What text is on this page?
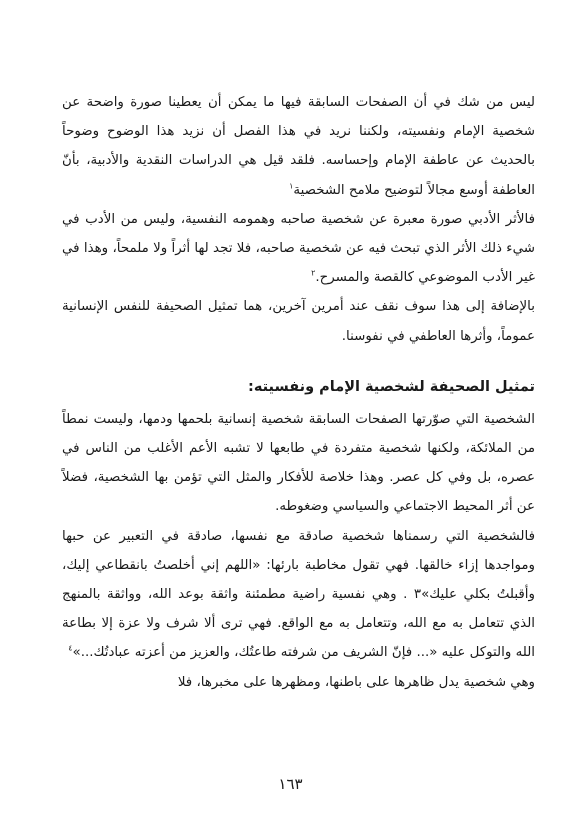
ليس من شك في أن الصفحات السابقة فيها ما يمكن أن يعطينا صورة واضحة عن شخصية الإمام ونفسيته، ولكننا نريد في هذا الفصل أن نزيد هذا الوضوح وضوحاً بالحديث عن عاطفة الإمام وإحساسه. فلقد قيل هي الدراسات النقدية والأدبية، بأنّ العاطفة أوسع مجالاً لتوضيح ملامح الشخصية$^١$

فالأثر الأدبي صورة معبرة عن شخصية صاحبه وهمومه النفسية، وليس من الأدب في شيء ذلك الأثر الذي تبحث فيه عن شخصية صاحبه، فلا تجد لها أثراً ولا ملمحاً، وهذا في غير الأدب الموضوعي كالقصة والمسرح.$^٢$

بالإضافة إلى هذا سوف نقف عند أمرين آخرين، هما تمثيل الصحيفة للنفس الإنسانية عموماً، وأثرها العاطفي في نفوسنا.

تمثيل الصحيفة لشخصية الإمام ونفسيته:

الشخصية التي صوّرتها الصفحات السابقة شخصية إنسانية بلحمها ودمها، وليست نمطاً من الملائكة، ولكنها شخصية متفردة في طابعها لا تشبه الأعم الأغلب من الناس في عصره، بل وفي كل عصر. وهذا خلاصة للأفكار والمثل التي تؤمن بها الشخصية، فضلاً عن أثر المحيط الاجتماعي والسياسي وضغوطه.

فالشخصية التي رسمناها شخصية صادقة مع نفسها، صادقة في التعبير عن حبها ومواجدها إزاء خالقها. فهي تقول مخاطبة بارئها: «اللهم إني أخلصتُ بانقطاعي إليك، وأقبلتُ بكلي عليك»٣ . وهي نفسية راضية مطمئنة واثقة بوعد الله، وواثقة بالمنهج الذي تتعامل به مع الله، وتتعامل به مع الواقع. فهي ترى ألا شرف ولا عزة إلا بطاعة الله والتوكل عليه «... فإنّ الشريف من شرفته طاعتُك، والعزيز من أعزته عبادتُك...»$^٤$

وهي شخصية يدل ظاهرها على باطنها، ومظهرها على مخبرها، فلا

١٦٣
